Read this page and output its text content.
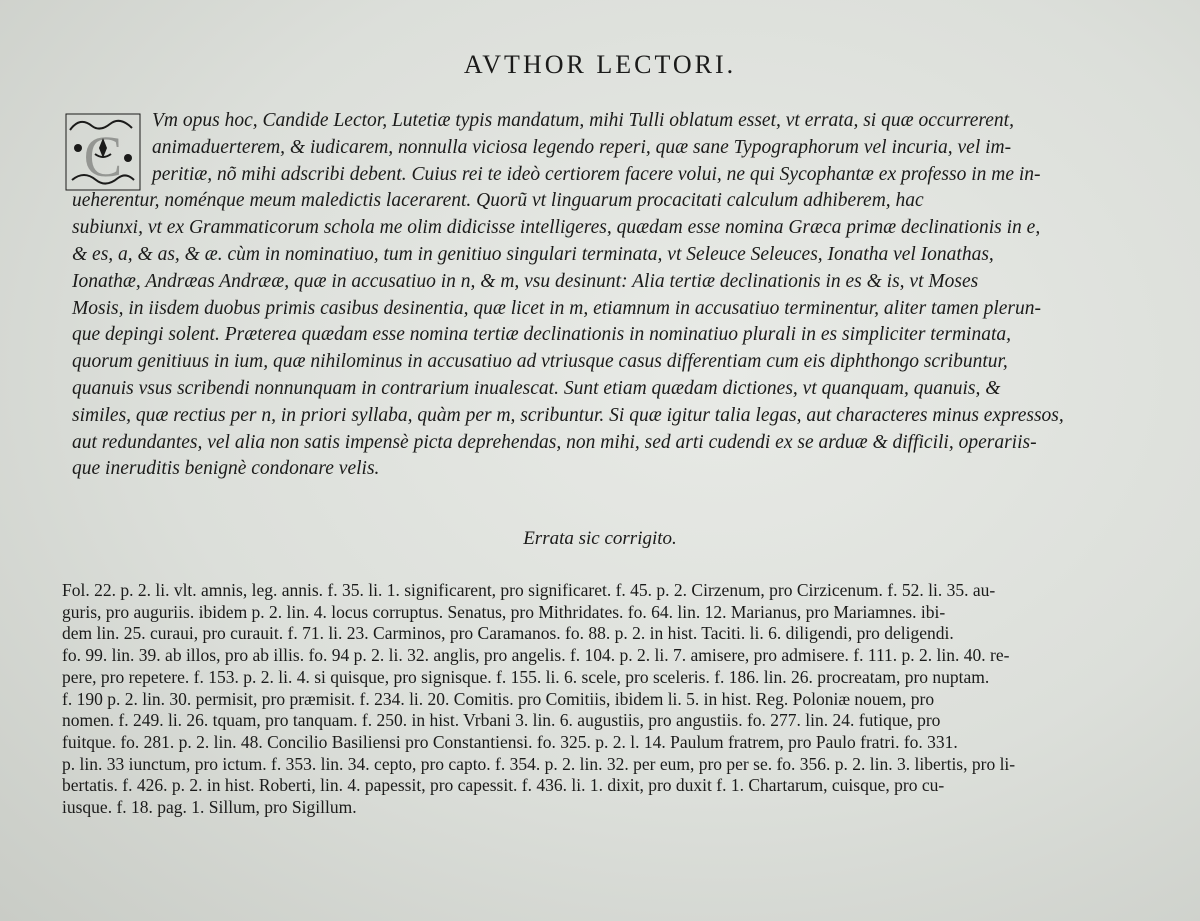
AVTHOR LECTORI.
C
Vm opus hoc, Candide Lector, Lutetiæ typis mandatum, mihi Tulli oblatum esset, vt errata, si quæ occurrerent,
animaduerterem, & iudicarem, nonnulla viciosa legendo reperi, quæ sane Typographorum vel incuria, vel im-
peritiæ, nõ mihi adscribi debent. Cuius rei te ideò certiorem facere volui, ne qui Sycophantæ ex professo in me in-
ueherentur, noménque meum maledictis lacerarent. Quorũ vt linguarum procacitati calculum adhiberem, hac
subiunxi, vt ex Grammaticorum schola me olim didicisse intelligeres, quædam esse nomina Græca primæ declinationis in e,
& es, a, & as, & æ. cùm in nominatiuo, tum in genitiuo singulari terminata, vt Seleuce Seleuces, Ionatha vel Ionathas,
Ionathæ, Andræas Andrææ, quæ in accusatiuo in n, & m, vsu desinunt: Alia tertiæ declinationis in es & is, vt Moses
Mosis, in iisdem duobus primis casibus desinentia, quæ licet in m, etiamnum in accusatiuo terminentur, aliter tamen plerun-
que depingi solent. Præterea quædam esse nomina tertiæ declinationis in nominatiuo plurali in es simpliciter terminata,
quorum genitiuus in ium, quæ nihilominus in accusatiuo ad vtriusque casus differentiam cum eis diphthongo scribuntur,
quanuis vsus scribendi nonnunquam in contrarium inualescat. Sunt etiam quædam dictiones, vt quanquam, quanuis, &
similes, quæ rectius per n, in priori syllaba, quàm per m, scribuntur. Si quæ igitur talia legas, aut characteres minus expressos,
aut redundantes, vel alia non satis impensè picta deprehendas, non mihi, sed arti cudendi ex se arduæ & difficili, operariis-
que ineruditis benignè condonare velis.
Errata sic corrigito.
Fol. 22. p. 2. li. vlt. amnis, leg. annis. f. 35. li. 1. significarent, pro significaret. f. 45. p. 2. Cirzenum, pro Cirzicenum. f. 52. li. 35. au-
guris, pro auguriis. ibidem p. 2. lin. 4. locus corruptus. Senatus, pro Mithridates. fo. 64. lin. 12. Marianus, pro Mariamnes. ibi-
dem lin. 25. curaui, pro curauit. f. 71. li. 23. Carminos, pro Caramanos. fo. 88. p. 2. in hist. Taciti. li. 6. diligendi, pro deligendi.
fo. 99. lin. 39. ab illos, pro ab illis. fo. 94 p. 2. li. 32. anglis, pro angelis. f. 104. p. 2. li. 7. amisere, pro admisere. f. 111. p. 2. lin. 40. re-
pere, pro repetere. f. 153. p. 2. li. 4. si quisque, pro signisque. f. 155. li. 6. scele, pro sceleris. f. 186. lin. 26. procreatam, pro nuptam.
f. 190 p. 2. lin. 30. permisit, pro præmisit. f. 234. li. 20. Comitis. pro Comitiis, ibidem li. 5. in hist. Reg. Poloniæ nouem, pro
nomen. f. 249. li. 26. tquam, pro tanquam. f. 250. in hist. Vrbani 3. lin. 6. augustiis, pro angustiis. fo. 277. lin. 24. futique, pro
fuitque. fo. 281. p. 2. lin. 48. Concilio Basiliensi pro Constantiensi. fo. 325. p. 2. l. 14. Paulum fratrem, pro Paulo fratri. fo. 331.
p. lin. 33 iunctum, pro ictum. f. 353. lin. 34. cepto, pro capto. f. 354. p. 2. lin. 32. per eum, pro per se. fo. 356. p. 2. lin. 3. libertis, pro li-
bertatis. f. 426. p. 2. in hist. Roberti, lin. 4. papessit, pro capessit. f. 436. li. 1. dixit, pro duxit f. 1. Chartarum, cuisque, pro cu-
iusque. f. 18. pag. 1. Sillum, pro Sigillum.
